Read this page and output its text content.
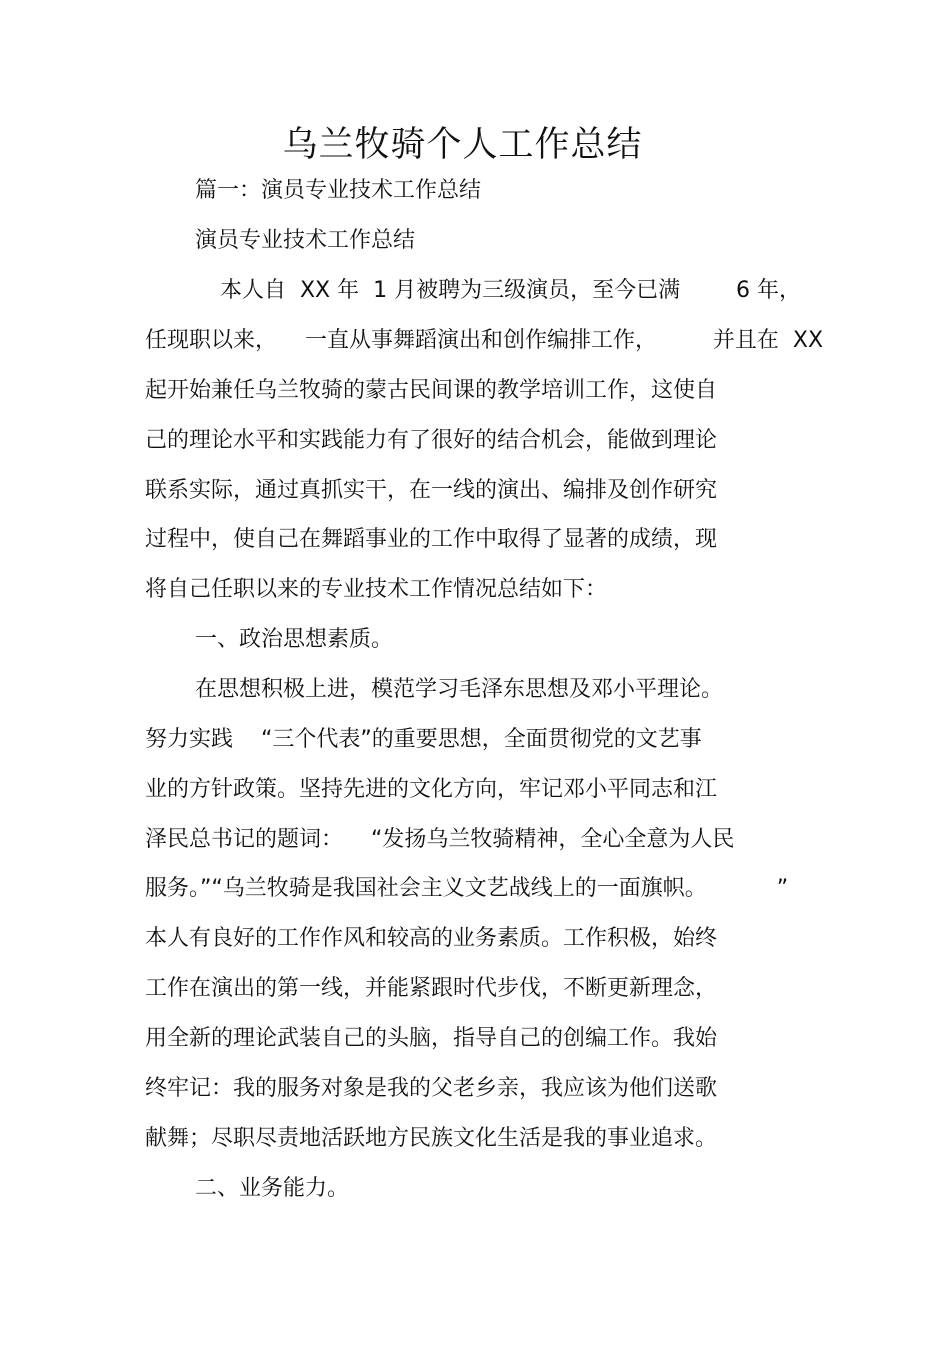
乌兰牧骑个人工作总结

篇一：演员专业技术工作总结

演员专业技术工作总结

本人自  XX 年  1 月被聘为三级演员，至今已满        6 年，

任现职以来，    一直从事舞蹈演出和创作编排工作，        并且在  XX

起开始兼任乌兰牧骑的蒙古民间课的教学培训工作，这使自

己的理论水平和实践能力有了很好的结合机会，能做到理论

联系实际，通过真抓实干，在一线的演出、编排及创作研究

过程中，使自己在舞蹈事业的工作中取得了显著的成绩，现

将自己任职以来的专业技术工作情况总结如下：

一、政治思想素质。

在思想积极上进，模范学习毛泽东思想及邓小平理论。

努力实践    “三个代表”的重要思想，全面贯彻党的文艺事

业的方针政策。坚持先进的文化方向，牢记邓小平同志和江

泽民总书记的题词：    “发扬乌兰牧骑精神，全心全意为人民

服务。”“乌兰牧骑是我国社会主义文艺战线上的一面旗帜。          ”

本人有良好的工作作风和较高的业务素质。工作积极，始终

工作在演出的第一线，并能紧跟时代步伐，不断更新理念，

用全新的理论武装自己的头脑，指导自己的创编工作。我始

终牢记：我的服务对象是我的父老乡亲，我应该为他们送歌

献舞；尽职尽责地活跃地方民族文化生活是我的事业追求。

二、业务能力。
